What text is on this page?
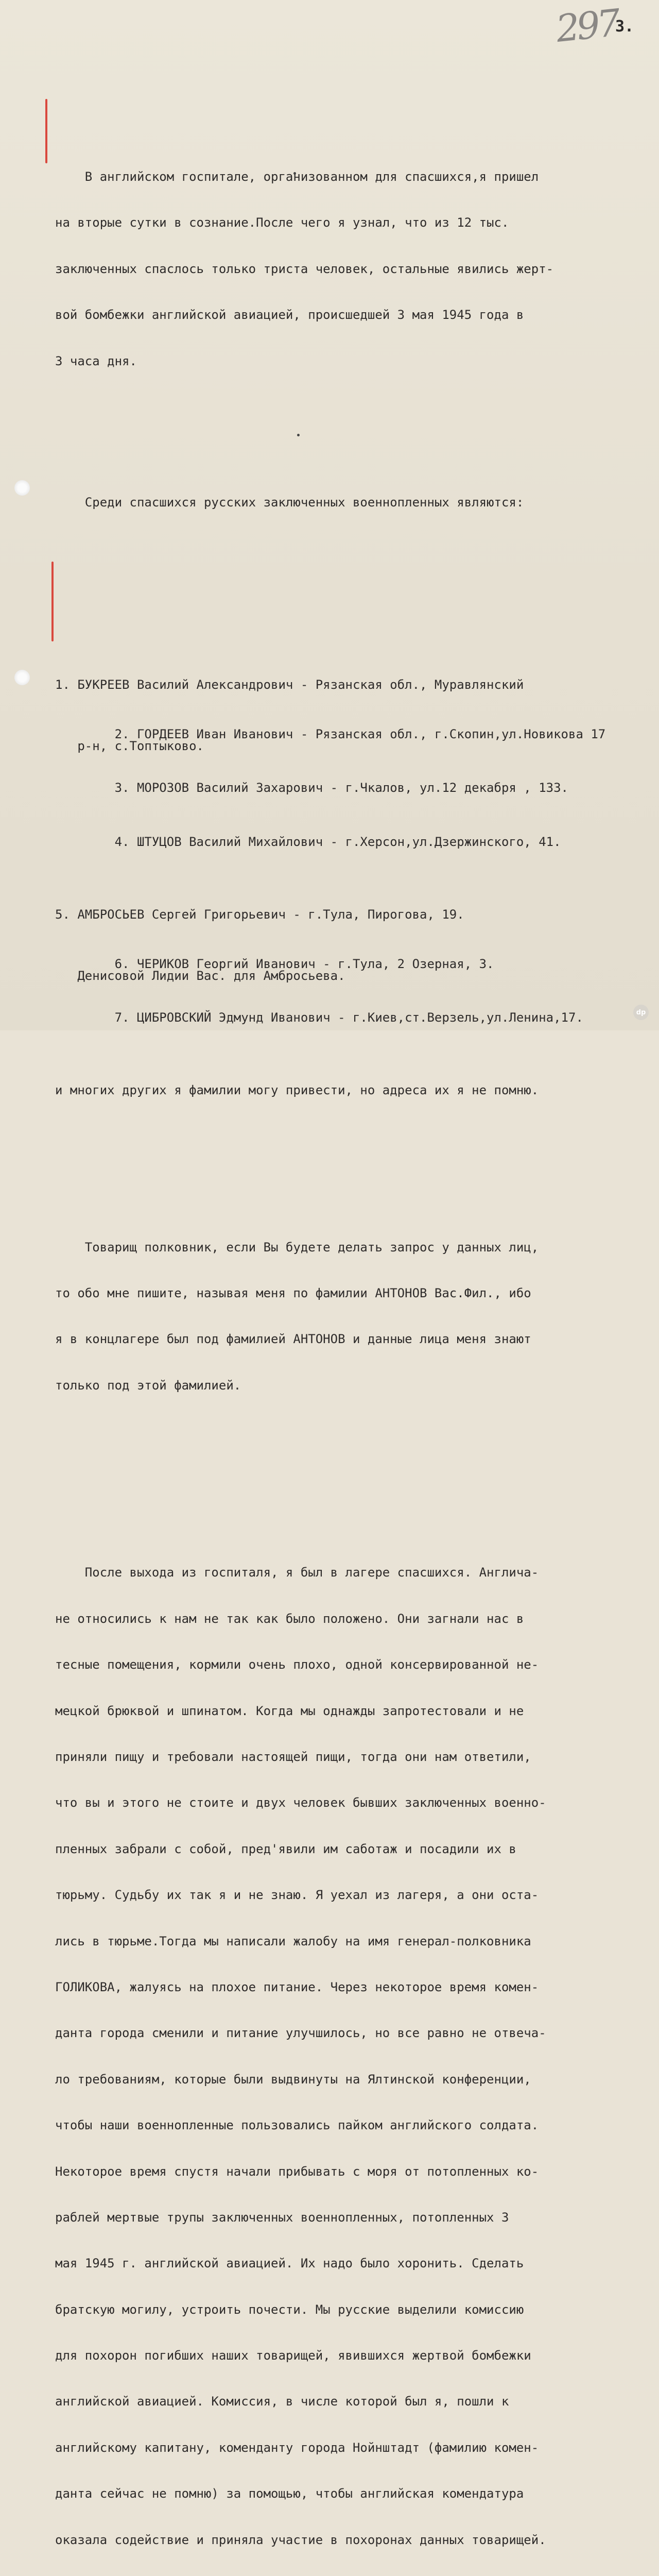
297
3.

В английском госпитале, организованном для спасшихся,я пришел

на вторые сутки в сознание.После чего я узнал, что из 12 тыс.

заключенных спаслось только триста человек, остальные явились жерт-

вой бомбежки английской авиацией, происшедшей 3 мая 1945 года в

3 часа дня.

Среди спасшихся русских заключенных военнопленных являются:

1. БУКРЕЕВ Василий Александрович - Рязанская обл., Муравлянский

р-н, с.Топтыково.

2. ГОРДЕЕВ Иван Иванович - Рязанская обл., г.Скопин,ул.Новикова 17

3. МОРОЗОВ Василий Захарович - г.Чкалов, ул.12 декабря , 133.

4. ШТУЦОВ Василий Михайлович - г.Херсон,ул.Дзержинского, 41.

5. АМБРОСЬЕВ Сергей Григорьевич - г.Тула, Пирогова, 19.

Денисовой Лидии Вас. для Амбросьева.

6. ЧЕРИКОВ Георгий Иванович - г.Тула, 2 Озерная, 3.

7. ЦИБРОВСКИЙ Эдмунд Иванович - г.Киев,ст.Верзель,ул.Ленина,17.

и многих других я фамилии могу привести, но адреса их я не помню.

Товарищ полковник, если Вы будете делать запрос у данных лиц,

то обо мне пишите, называя меня по фамилии АНТОНОВ Вас.Фил., ибо

я в концлагере был под фамилией АНТОНОВ и данные лица меня знают

только под этой фамилией.

После выхода из госпиталя, я был в лагере спасшихся. Англича-

не относились к нам не так как было положено. Они загнали нас в

тесные помещения, кормили очень плохо, одной консервированной не-

мецкой брюквой и шпинатом. Когда мы однажды запротестовали и не

приняли пищу и требовали настоящей пищи, тогда они нам ответили,

что вы и этого не стоите и двух человек бывших заключенных военно-

пленных забрали с собой, пред'явили им саботаж и посадили их в

тюрьму. Судьбу их так я и не знаю. Я уехал из лагеря, а они оста-

лись в тюрьме.Тогда мы написали жалобу на имя генерал-полковника

ГОЛИКОВА, жалуясь на плохое питание. Через некоторое время комен-

данта города сменили и питание улучшилось, но все равно не отвеча-

ло требованиям, которые были выдвинуты на Ялтинской конференции,

чтобы наши военнопленные пользовались пайком английского солдата.

Некоторое время спустя начали прибывать с моря от потопленных ко-

раблей мертвые трупы заключенных военнопленных, потопленных 3

мая 1945 г. английской авиацией. Их надо было хоронить. Сделать

братскую могилу, устроить почести. Мы русские выделили комиссию

для похорон погибших наших товарищей, явившихся жертвой бомбежки

английской авиацией. Комиссия, в числе которой был я, пошли к

английскому капитану, коменданту города Нойнштадт (фамилию комен-

данта сейчас не помню) за помощью, чтобы английская комендатура

оказала содействие и приняла участие в похоронах данных товарищей.

dp
